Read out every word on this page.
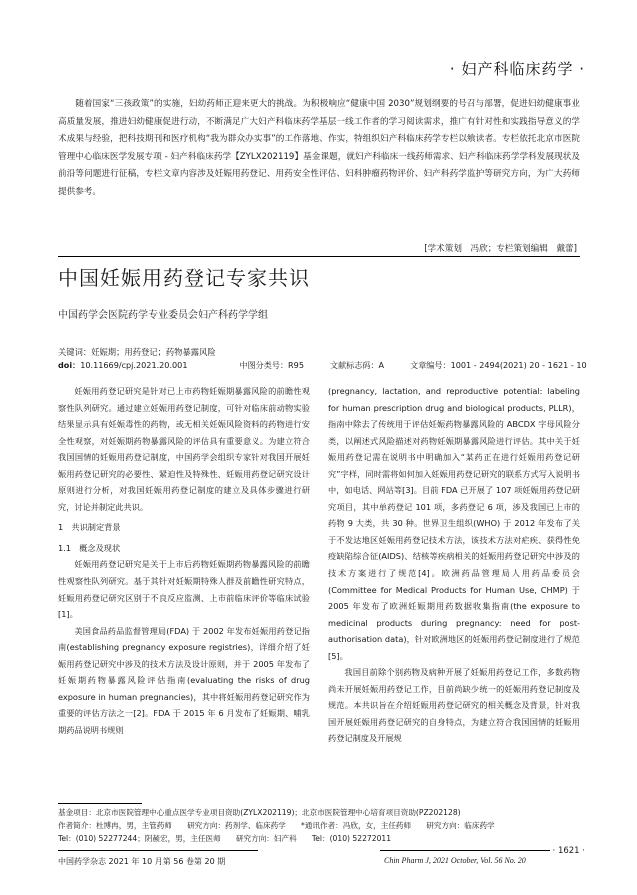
· 妇产科临床药学 ·

随着国家“三孩政策”的实施，妇幼药师正迎来更大的挑战。为积极响应“健康中国 2030”规划纲要的号召与部署，促进妇幼健康事业高质量发展，推进妇幼健康促进行动，不断满足广大妇产科临床药学基层一线工作者的学习阅读需求，推广有针对性和实践指导意义的学术成果与经验，把科技期刊和医疗机构“我为群众办实事”的工作落地、作实，特组织妇产科临床药学专栏以飨读者。专栏依托北京市医院管理中心临床医学发展专项 - 妇产科临床药学【ZYLX202119】基金课题，就妇产科临床一线药师需求、妇产科临床药学学科发展现状及前沿等问题进行征稿，专栏文章内容涉及妊娠用药登记、用药安全性评估、妇科肿瘤药物评价、妇产科药学监护等研究方向，为广大药师提供参考。

[学术策划　冯欣；专栏策划编辑　戴蕾]
中国妊娠用药登记专家共识

中国药学会医院药学专业委员会妇产科药学学组

关键词：妊娠期；用药登记；药物暴露风险

doi：10.11669/cpj.2021.20.001	中图分类号：R95	文献标志码：A	文章编号：1001 - 2494(2021) 20 - 1621 - 10

妊娠用药登记研究是针对已上市药物妊娠期暴露风险的前瞻性观察性队列研究。通过建立妊娠用药登记制度，可针对临床前动物实验结果显示具有妊娠毒性的药物，或无相关妊娠风险资料的药物进行安全性观察，对妊娠期药物暴露风险的评估具有重要意义。为建立符合我国国情的妊娠用药登记制度，中国药学会组织专家针对我国开展妊娠用药登记研究的必要性、紧迫性及特殊性、妊娠用药登记研究设计原则进行分析，对我国妊娠用药登记制度的建立及具体步骤进行研究，讨论并制定此共识。

1　共识制定背景

1.1　概念及现状

妊娠用药登记研究是关于上市后药物妊娠期药物暴露风险的前瞻性观察性队列研究。基于其针对妊娠期特殊人群及前瞻性研究特点，妊娠用药登记研究区别于不良反应监测、上市前临床评价等临床试验[1]。

美国食品药品监督管理局(FDA) 于 2002 年发布妊娠用药登记指南(establishing pregnancy exposure registries)，详细介绍了妊娠用药登记研究中涉及的技术方法及设计原则，并于 2005 年发布了妊娠期药物暴露风险评估指南(evaluating the risks of drug exposure in human pregnancies)，其中将妊娠用药登记研究作为重要的评估方法之一[2]。FDA 于 2015 年 6 月发布了妊娠期、哺乳期药品说明书规则

(pregnancy, lactation, and reproductive potential: labeling for human prescription drug and biological products, PLLR)，指南中除去了传统用于评估妊娠药物暴露风险的 ABCDX 字母风险分类，以阐述式风险描述对药物妊娠期暴露风险进行评估。其中关于妊娠用药登记需在说明书中明确加入“某药正在进行妊娠用药登记研究”字样，同时需将如何加入妊娠用药登记研究的联系方式写入说明书中，如电话、网站等[3]。目前 FDA 已开展了 107 项妊娠用药登记研究项目，其中单药登记 101 项，多药登记 6 项，涉及我国已上市的药物 9 大类，共 30 种。世界卫生组织(WHO) 于 2012 年发布了关于不发达地区妊娠用药登记技术方法，该技术方法对疟疾、获得性免疫缺陷综合征(AIDS)、结核等疾病相关的妊娠用药登记研究中涉及的技术方案进行了规范[4]。欧洲药品管理局人用药品委员会(Committee for Medical Products for Human Use, CHMP) 于 2005 年发布了欧洲妊娠期用药数据收集指南(the exposure to medicinal products during pregnancy: need for post-authorisation data)，针对欧洲地区的妊娠用药登记制度进行了规范[5]。

我国目前除个别药物及病种开展了妊娠用药登记工作，多数药物尚未开展妊娠用药登记工作，目前尚缺少统一的妊娠用药登记制度及规范。本共识旨在介绍妊娠用药登记研究的相关概念及背景，针对我国开展妊娠用药登记研究的自身特点，为建立符合我国国情的妊娠用药登记制度及开展规

基金项目：北京市医院管理中心重点医学专业项目资助(ZYLX202119)；北京市医院管理中心培育项目资助(PZ202128)
作者简介：杜博冉，男，主管药师　　研究方向：药剂学、临床药学　　*通讯作者：冯欣，女，主任药师　　研究方向：临床药学
Tel：(010) 52277244；阴赪宏，男，主任医师　　研究方向：妇产科　　Tel：(010) 52272011
中国药学杂志 2021 年 10 月第 56 卷第 20 期	Chin Pharm J, 2021 October, Vol. 56 No. 20
· 1621 ·
